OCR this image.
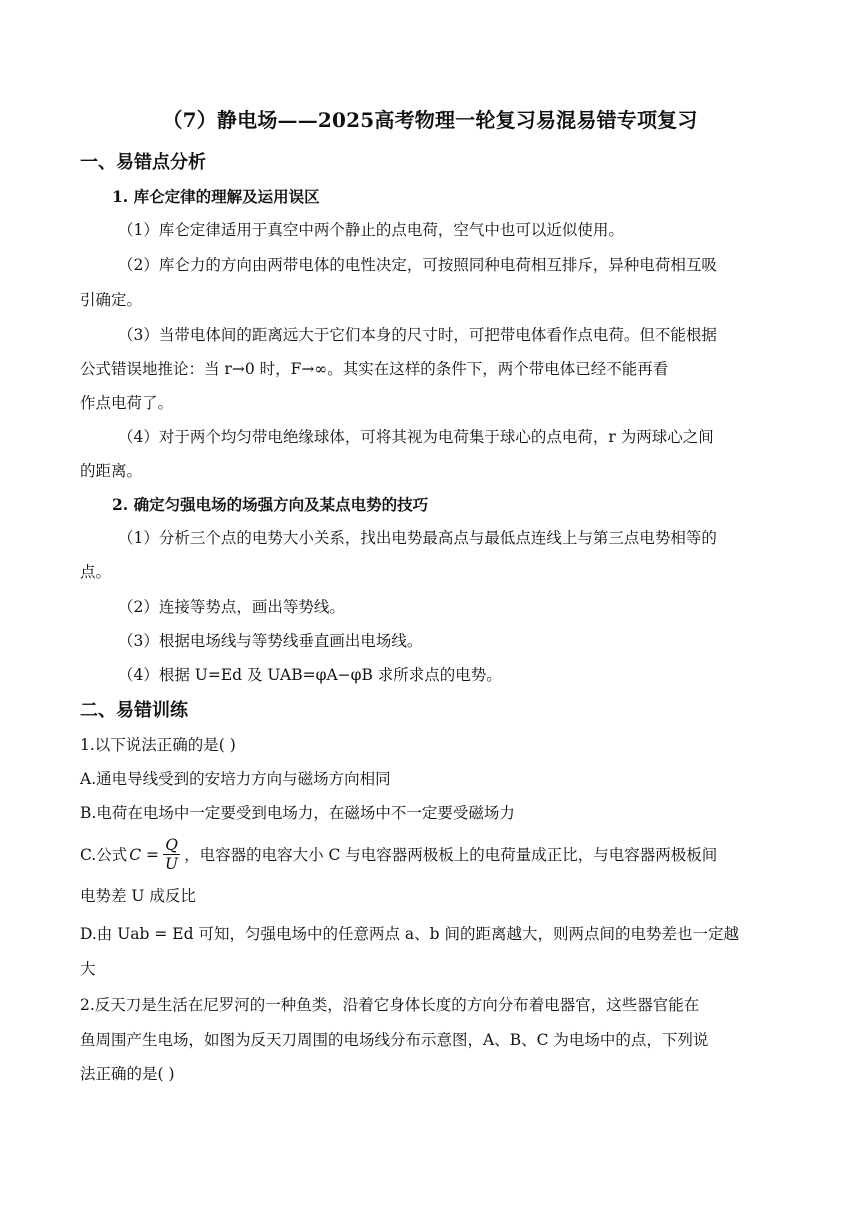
（7）静电场——2025高考物理一轮复习易混易错专项复习
一、易错点分析
1. 库仑定律的理解及运用误区
（1）库仑定律适用于真空中两个静止的点电荷，空气中也可以近似使用。
（2）库仑力的方向由两带电体的电性决定，可按照同种电荷相互排斥，异种电荷相互吸
引确定。
（3）当带电体间的距离远大于它们本身的尺寸时，可把带电体看作点电荷。但不能根据
公式错误地推论：当 r→0 时，F→∞。其实在这样的条件下，两个带电体已经不能再看
作点电荷了。
（4）对于两个均匀带电绝缘球体，可将其视为电荷集于球心的点电荷，r 为两球心之间
的距离。
2. 确定匀强电场的场强方向及某点电势的技巧
（1）分析三个点的电势大小关系，找出电势最高点与最低点连线上与第三点电势相等的
点。
（2）连接等势点，画出等势线。
（3）根据电场线与等势线垂直画出电场线。
（4）根据 U=Ed 及 UAB=φA−φB 求所求点的电势。
二、易错训练
1.以下说法正确的是( )
A.通电导线受到的安培力方向与磁场方向相同
B.电荷在电场中一定要受到电场力，在磁场中不一定要受磁场力
C.公式 $C = \frac{Q}{U}$ ，电容器的电容大小 C 与电容器两极板上的电荷量成正比，与电容器两极板间
电势差 U 成反比
D.由 Uab = Ed 可知，匀强电场中的任意两点 a、b 间的距离越大，则两点间的电势差也一定越
大
2.反天刀是生活在尼罗河的一种鱼类，沿着它身体长度的方向分布着电器官，这些器官能在
鱼周围产生电场，如图为反天刀周围的电场线分布示意图，A、B、C 为电场中的点，下列说
法正确的是( )
